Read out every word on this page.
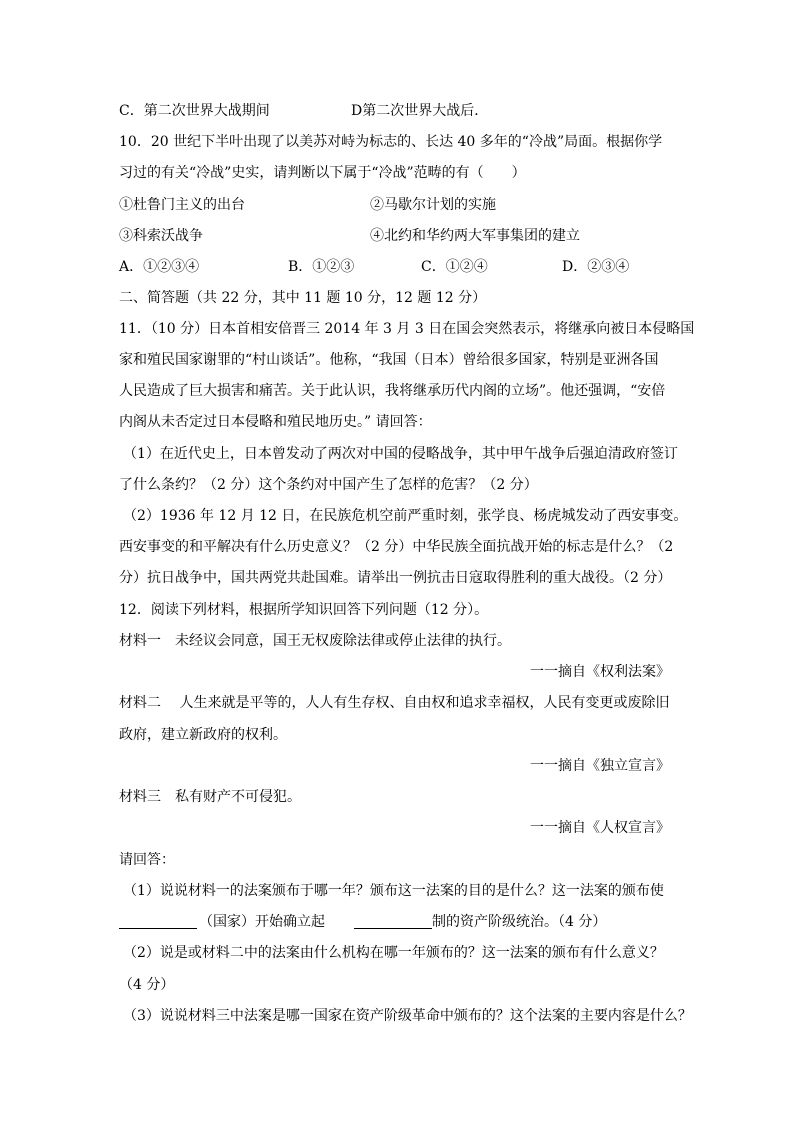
C．第二次世界大战期间	D第二次世界大战后．
10．20 世纪下半叶出现了以美苏对峙为标志的、长达 40 多年的“冷战”局面。根据你学
习过的有关“冷战”史实，请判断以下属于“冷战”范畴的有（　　）
①杜鲁门主义的出台	②马歇尔计划的实施
③科索沃战争	④北约和华约两大军事集团的建立
A．①②③④	B．①②③	C．①②④	D．②③④
二、简答题（共 22 分，其中 11 题 10 分，12 题 12 分）
11．（10 分）日本首相安倍晋三 2014 年 3 月 3 日在国会突然表示，将继承向被日本侵略国
家和殖民国家谢罪的“村山谈话”。他称，“我国（日本）曾给很多国家，特别是亚洲各国
人民造成了巨大损害和痛苦。关于此认识，我将继承历代内阁的立场”。他还强调，“安倍
内阁从未否定过日本侵略和殖民地历史。” 请回答：
（1）在近代史上，日本曾发动了两次对中国的侵略战争，其中甲午战争后强迫清政府签订
了什么条约？（2 分）这个条约对中国产生了怎样的危害？（2 分）
（2）1936 年 12 月 12 日，在民族危机空前严重时刻，张学良、杨虎城发动了西安事变。
西安事变的和平解决有什么历史意义？（2 分）中华民族全面抗战开始的标志是什么？（2
分）抗日战争中，国共两党共赴国难。请举出一例抗击日寇取得胜利的重大战役。（2 分）
12．阅读下列材料，根据所学知识回答下列问题（12 分）。
材料一　未经议会同意，国王无权废除法律或停止法律的执行。
一一摘自《权利法案》
材料二　 人生来就是平等的，人人有生存权、自由权和追求幸福权，人民有变更或废除旧
政府，建立新政府的权利。
一一摘自《独立宣言》
材料三　私有财产不可侵犯。
一一摘自《人权宣言》
请回答：
（1）说说材料一的法案颁布于哪一年？颁布这一法案的目的是什么？这一法案的颁布使
（国家）开始确立起	制的资产阶级统治。（4 分）
（2）说是或材料二中的法案由什么机构在哪一年颁布的？这一法案的颁布有什么意义？
（4 分）
（3）说说材料三中法案是哪一国家在资产阶级革命中颁布的？这个法案的主要内容是什么？
